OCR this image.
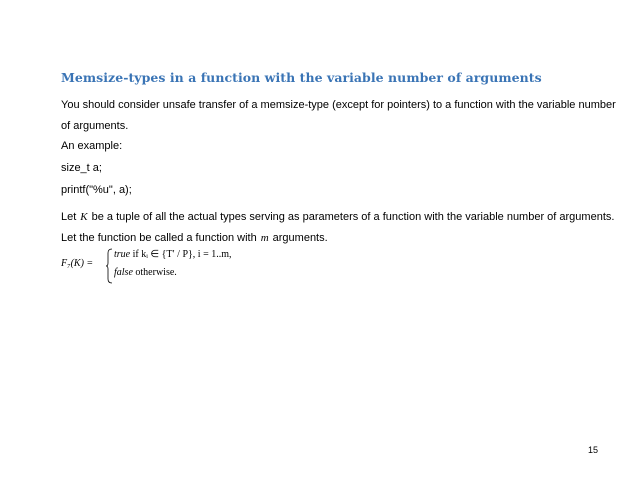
Memsize-types in a function with the variable number of arguments
You should consider unsafe transfer of a memsize-type (except for pointers) to a function with the variable number of arguments.
An example:
size_t a;
printf("%u", a);
Let K be a tuple of all the actual types serving as parameters of a function with the variable number of arguments. Let the function be called a function with m arguments.
F₇(K) =
true if kᵢ ∈ {T′ / P}, i = 1..m,
false otherwise.
15
